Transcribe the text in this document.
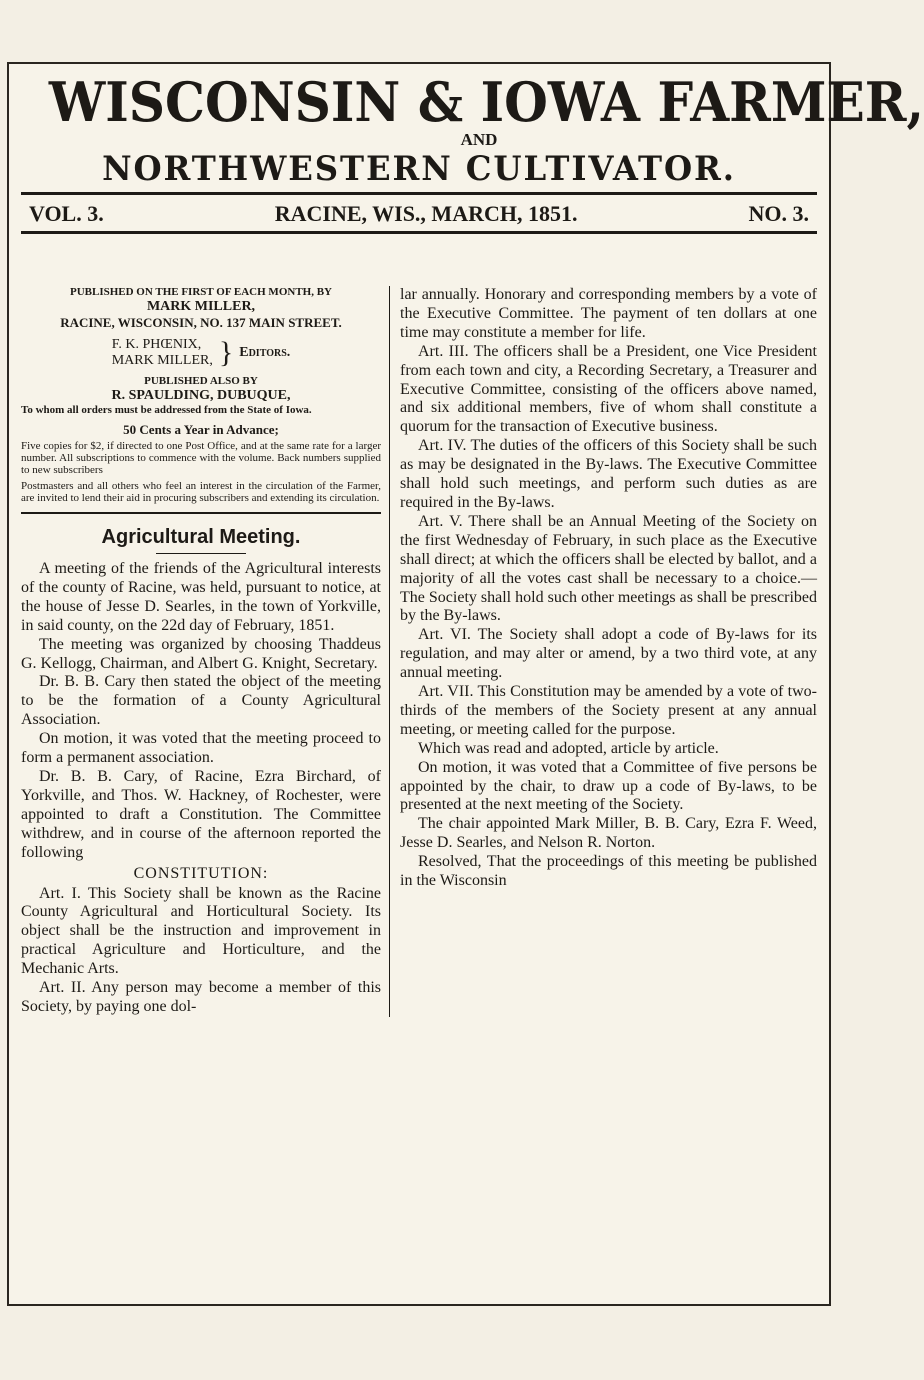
WISCONSIN & IOWA FARMER,
AND
NORTHWESTERN CULTIVATOR.
VOL. 3.	RACINE, WIS., MARCH, 1851.	NO. 3.
PUBLISHED ON THE FIRST OF EACH MONTH, BY
MARK MILLER,
RACINE, WISCONSIN, NO. 137 MAIN STREET.
F. K. PHŒNIX,
MARK MILLER, } Editors.
PUBLISHED ALSO BY
R. SPAULDING, DUBUQUE,
To whom all orders must be addressed from the State of Iowa.
50 Cents a Year in Advance;
Five copies for $2, if directed to one Post Office, and at the same rate for a larger number. All subscriptions to commence with the volume. Back numbers supplied to new subscribers
Postmasters and all others who feel an interest in the circulation of the Farmer, are invited to lend their aid in procuring subscribers and extending its circulation.
Agricultural Meeting.

A meeting of the friends of the Agricultural interests of the county of Racine, was held, pursuant to notice, at the house of Jesse D. Searles, in the town of Yorkville, in said county, on the 22d day of February, 1851.

The meeting was organized by choosing Thaddeus G. Kellogg, Chairman, and Albert G. Knight, Secretary.

Dr. B. B. Cary then stated the object of the meeting to be the formation of a County Agricultural Association.

On motion, it was voted that the meeting proceed to form a permanent association.

Dr. B. B. Cary, of Racine, Ezra Birchard, of Yorkville, and Thos. W. Hackney, of Rochester, were appointed to draft a Constitution. The Committee withdrew, and in course of the afternoon reported the following

CONSTITUTION:

Art. I. This Society shall be known as the Racine County Agricultural and Horticultural Society. Its object shall be the instruction and improvement in practical Agriculture and Horticulture, and the Mechanic Arts.

Art. II. Any person may become a member of this Society, by paying one dol-

lar annually. Honorary and corresponding members by a vote of the Executive Committee. The payment of ten dollars at one time may constitute a member for life.

Art. III. The officers shall be a President, one Vice President from each town and city, a Recording Secretary, a Treasurer and Executive Committee, consisting of the officers above named, and six additional members, five of whom shall constitute a quorum for the transaction of Executive business.

Art. IV. The duties of the officers of this Society shall be such as may be designated in the By-laws. The Executive Committee shall hold such meetings, and perform such duties as are required in the By-laws.

Art. V. There shall be an Annual Meeting of the Society on the first Wednesday of February, in such place as the Executive shall direct; at which the officers shall be elected by ballot, and a majority of all the votes cast shall be necessary to a choice.— The Society shall hold such other meetings as shall be prescribed by the By-laws.

Art. VI. The Society shall adopt a code of By-laws for its regulation, and may alter or amend, by a two third vote, at any annual meeting.

Art. VII. This Constitution may be amended by a vote of two-thirds of the members of the Society present at any annual meeting, or meeting called for the purpose.

Which was read and adopted, article by article.

On motion, it was voted that a Committee of five persons be appointed by the chair, to draw up a code of By-laws, to be presented at the next meeting of the Society.

The chair appointed Mark Miller, B. B. Cary, Ezra F. Weed, Jesse D. Searles, and Nelson R. Norton.

Resolved, That the proceedings of this meeting be published in the Wisconsin
